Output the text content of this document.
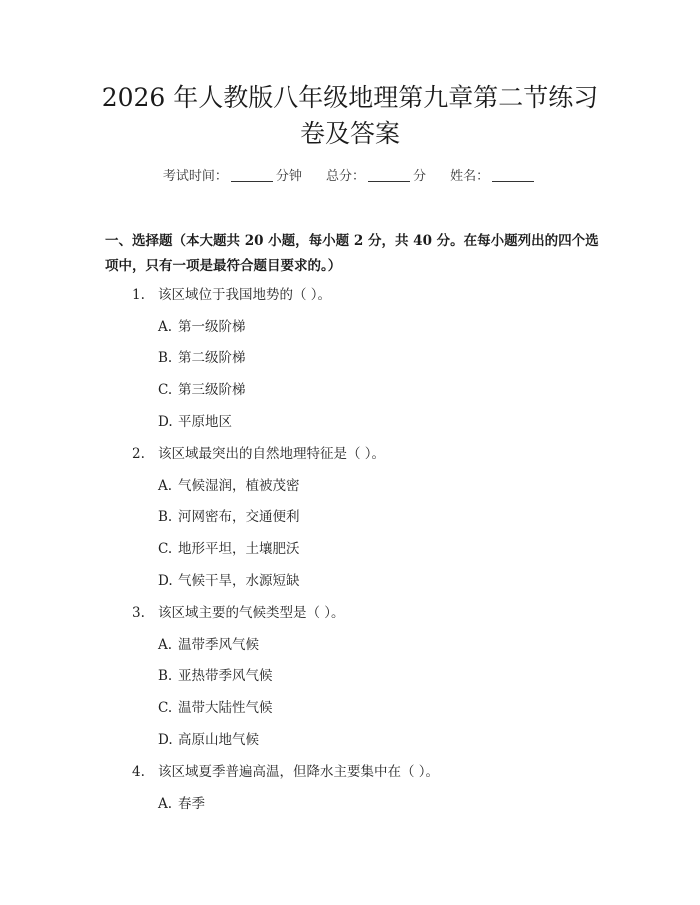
2026 年人教版八年级地理第九章第二节练习
卷及答案
考试时间：	分钟 总分：	分 姓名：
一、选择题（本大题共 20 小题，每小题 2 分，共 40 分。在每小题列出的四个选
项中，只有一项是最符合题目要求的。）
1. 该区域位于我国地势的（ ）。
A. 第一级阶梯
B. 第二级阶梯
C. 第三级阶梯
D. 平原地区
2. 该区域最突出的自然地理特征是（ ）。
A. 气候湿润，植被茂密
B. 河网密布，交通便利
C. 地形平坦，土壤肥沃
D. 气候干旱，水源短缺
3. 该区域主要的气候类型是（ ）。
A. 温带季风气候
B. 亚热带季风气候
C. 温带大陆性气候
D. 高原山地气候
4. 该区域夏季普遍高温，但降水主要集中在（ ）。
A. 春季
